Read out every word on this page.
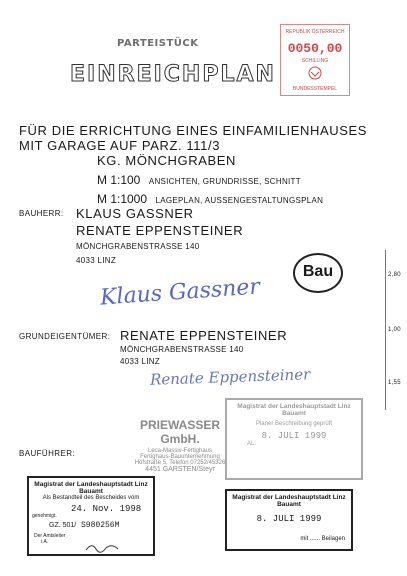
PARTEISTÜCK
EINREICHPLAN
REPUBLIK ÖSTERREICH
0050,00
SCHILLING
BUNDESSTEMPEL
FÜR DIE ERRICHTUNG EINES EINFAMILIENHAUSES
MIT GARAGE AUF PARZ. 111/3
KG. MÖNCHGRABEN
M 1:100 ANSICHTEN, GRUNDRISSE, SCHNITT
M 1:1000 LAGEPLAN, AUSSENGESTALTUNGSPLAN
BAUHERR: KLAUS GASSNER
RENATE EPPENSTEINER
MÖNCHGRABENSTRASSE 140
4033 LINZ
Bau
Klaus Gassner
GRUNDEIGENTÜMER: RENATE EPPENSTEINER
MÖNCHGRABENSTRASSE 140
4033 LINZ
Renate Eppensteiner
BAUFÜHRER:
PRIEWASSER GmbH.
Leca-Massiv-Fertighaus
Fertighaus-Bauunternehmung
Höfstraße 5, Telefon 07252/45326
4451 GARSTEN/Steyr
Magistrat der Landeshauptstadt Linz
Bauamt
Planer Beschreibung geprüft
8. JULI 1999
AL:
Magistrat der Landeshauptstadt Linz
Bauamt
Als Bestandteil des Bescheides vom
genehmigt.
24. Nov. 1998
GZ. 501/ S980256M
Der Amtsleiter
i.A.
Magistrat der Landeshauptstadt Linz
Bauamt
8. JULI 1999
mit ...... Beilagen
2,80
1,00
1,55
